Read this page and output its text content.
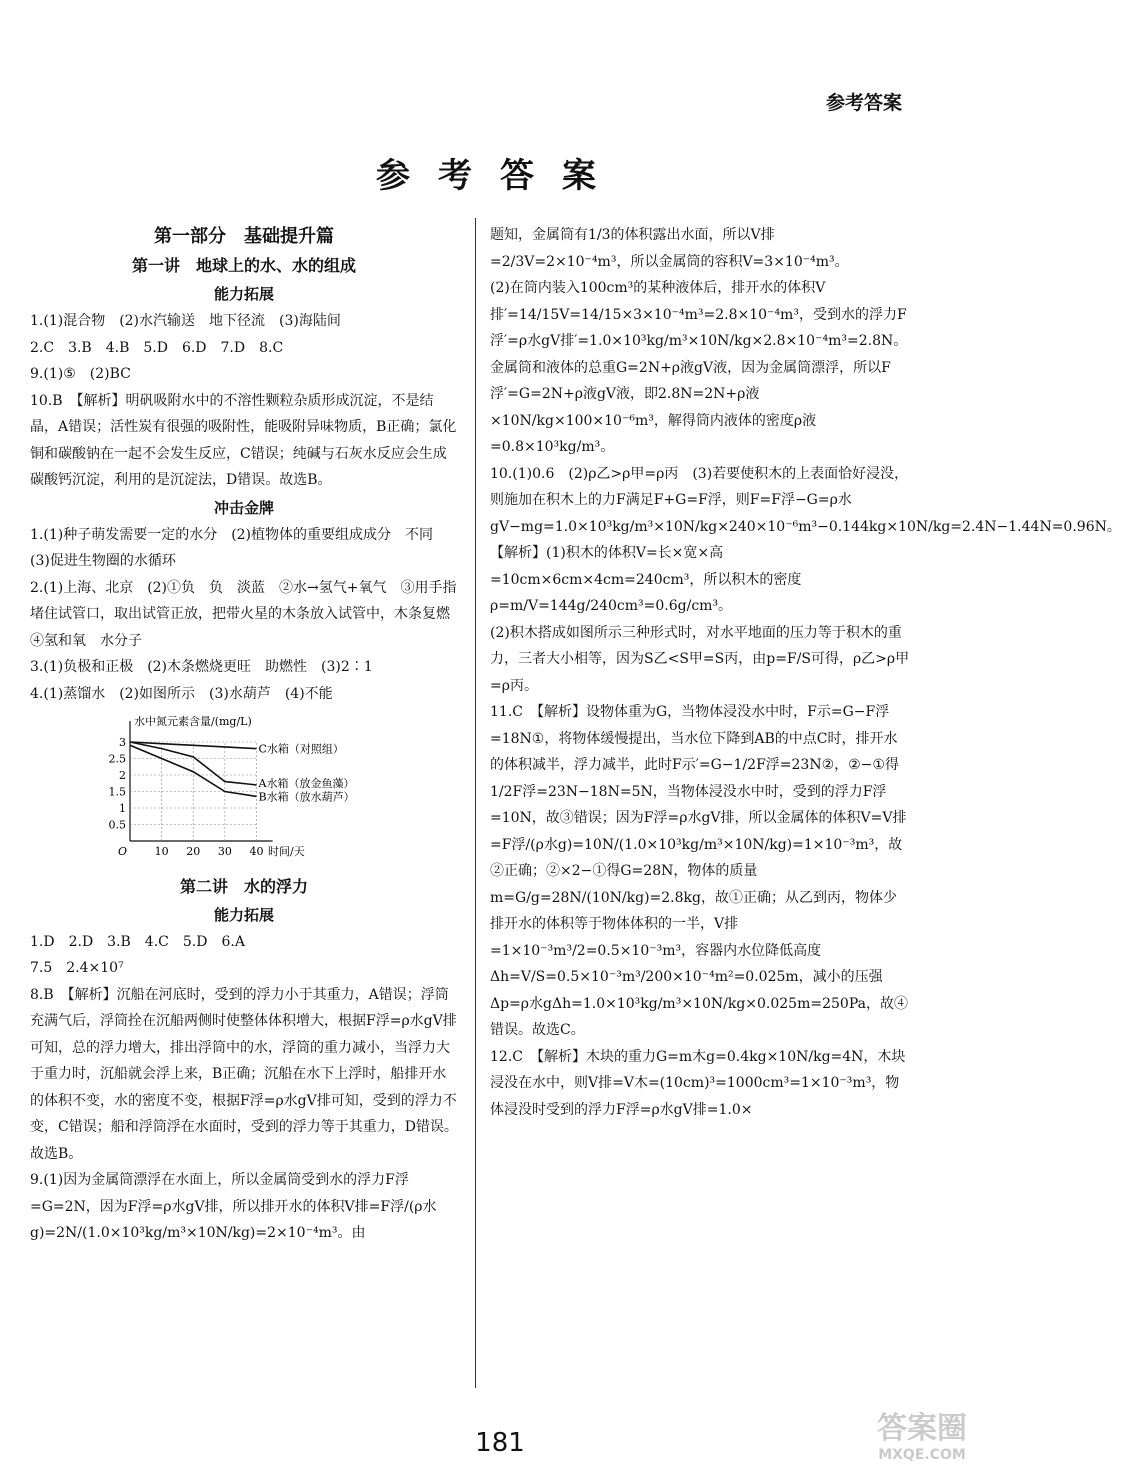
参考答案
参考答案
第一部分　基础提升篇
第一讲　地球上的水、水的组成
能力拓展

1.(1)混合物　(2)水汽输送　地下径流　(3)海陆间

2.C　3.B　4.B　5.D　6.D　7.D　8.C

9.(1)⑤　(2)BC

10.B　【解析】明矾吸附水中的不溶性颗粒杂质形成沉淀，不是结晶，A错误；活性炭有很强的吸附性，能吸附异味物质，B正确；氯化铜和碳酸钠在一起不会发生反应，C错误；纯碱与石灰水反应会生成碳酸钙沉淀，利用的是沉淀法，D错误。故选B。

冲击金牌

1.(1)种子萌发需要一定的水分　(2)植物体的重要组成成分　不同　(3)促进生物圈的水循环

2.(1)上海、北京　(2)①负　负　淡蓝　②水→氢气+氧气　③用手指堵住试管口，取出试管正放，把带火星的木条放入试管中，木条复燃　④氢和氧　水分子

3.(1)负极和正极　(2)木条燃烧更旺　助燃性　(3)2∶1

4.(1)蒸馏水　(2)如图所示　(3)水葫芦　(4)不能

水中氮元素含量/(mg/L)
时间/天
O
0.5
1
1.5
2
2.5
3
10 20 30 40
C水箱（对照组）
A水箱（放金鱼藻）
B水箱（放水葫芦）
第二讲　水的浮力
能力拓展

1.D　2.D　3.B　4.C　5.D　6.A

7.5　2.4×10⁷

8.B　【解析】沉船在河底时，受到的浮力小于其重力，A错误；浮筒充满气后，浮筒拴在沉船两侧时使整体体积增大，根据F浮=ρ水gV排可知，总的浮力增大，排出浮筒中的水，浮筒的重力减小，当浮力大于重力时，沉船就会浮上来，B正确；沉船在水下上浮时，船排开水的体积不变，水的密度不变，根据F浮=ρ水gV排可知，受到的浮力不变，C错误；船和浮筒浮在水面时，受到的浮力等于其重力，D错误。故选B。

9.(1)因为金属筒漂浮在水面上，所以金属筒受到水的浮力F浮=G=2N，因为F浮=ρ水gV排，所以排开水的体积V排=F浮/(ρ水g)=2N/(1.0×10³kg/m³×10N/kg)=2×10⁻⁴m³。由

题知，金属筒有1/3的体积露出水面，所以V排=2/3V=2×10⁻⁴m³，所以金属筒的容积V=3×10⁻⁴m³。

(2)在筒内装入100cm³的某种液体后，排开水的体积V排′=14/15V=14/15×3×10⁻⁴m³=2.8×10⁻⁴m³，受到水的浮力F浮′=ρ水gV排′=1.0×10³kg/m³×10N/kg×2.8×10⁻⁴m³=2.8N。金属筒和液体的总重G=2N+ρ液gV液，因为金属筒漂浮，所以F浮′=G=2N+ρ液gV液，即2.8N=2N+ρ液×10N/kg×100×10⁻⁶m³，解得筒内液体的密度ρ液=0.8×10³kg/m³。

10.(1)0.6　(2)ρ乙>ρ甲=ρ丙　(3)若要使积木的上表面恰好浸没，则施加在积木上的力F满足F+G=F浮，则F=F浮−G=ρ水gV−mg=1.0×10³kg/m³×10N/kg×240×10⁻⁶m³−0.144kg×10N/kg=2.4N−1.44N=0.96N。

【解析】(1)积木的体积V=长×宽×高=10cm×6cm×4cm=240cm³，所以积木的密度ρ=m/V=144g/240cm³=0.6g/cm³。

(2)积木搭成如图所示三种形式时，对水平地面的压力等于积木的重力，三者大小相等，因为S乙<S甲=S丙，由p=F/S可得，ρ乙>ρ甲=ρ丙。

11.C　【解析】设物体重为G，当物体浸没水中时，F示=G−F浮=18N①，将物体缓慢提出，当水位下降到AB的中点C时，排开水的体积减半，浮力减半，此时F示′=G−1/2F浮=23N②，②−①得1/2F浮=23N−18N=5N，当物体浸没水中时，受到的浮力F浮=10N，故③错误；因为F浮=ρ水gV排，所以金属体的体积V=V排=F浮/(ρ水g)=10N/(1.0×10³kg/m³×10N/kg)=1×10⁻³m³，故②正确；②×2−①得G=28N，物体的质量m=G/g=28N/(10N/kg)=2.8kg，故①正确；从乙到丙，物体少排开水的体积等于物体体积的一半，V排=1×10⁻³m³/2=0.5×10⁻³m³，容器内水位降低高度Δh=V/S=0.5×10⁻³m³/200×10⁻⁴m²=0.025m，减小的压强Δp=ρ水gΔh=1.0×10³kg/m³×10N/kg×0.025m=250Pa，故④错误。故选C。

12.C　【解析】木块的重力G=m木g=0.4kg×10N/kg=4N，木块浸没在水中，则V排=V木=(10cm)³=1000cm³=1×10⁻³m³，物体浸没时受到的浮力F浮=ρ水gV排=1.0×

181	答案圈
MXQE.COM
